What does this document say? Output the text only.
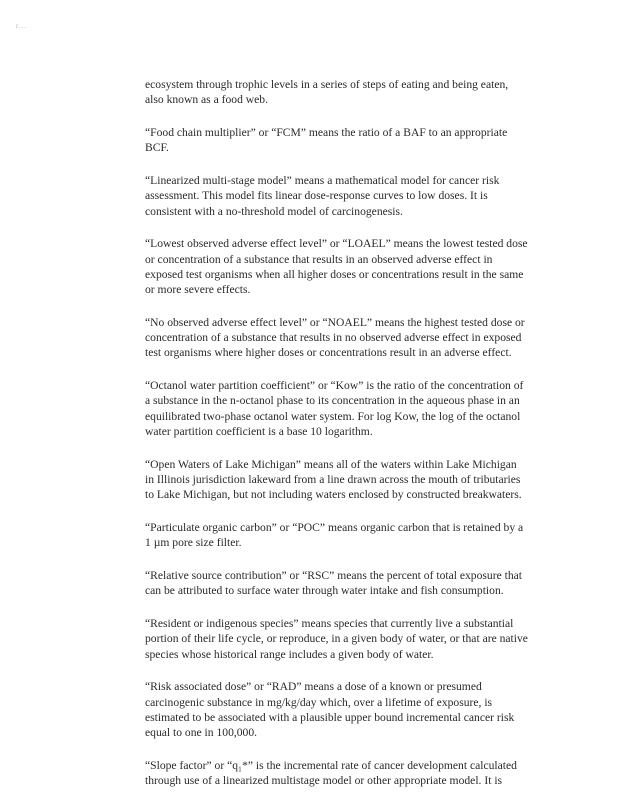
r...

ecosystem through trophic levels in a series of steps of eating and being eaten,
also known as a food web.

“Food chain multiplier” or “FCM” means the ratio of a BAF to an appropriate
BCF.

“Linearized multi-stage model” means a mathematical model for cancer risk
assessment. This model fits linear dose-response curves to low doses. It is
consistent with a no-threshold model of carcinogenesis.

“Lowest observed adverse effect level” or “LOAEL” means the lowest tested dose
or concentration of a substance that results in an observed adverse effect in
exposed test organisms when all higher doses or concentrations result in the same
or more severe effects.

“No observed adverse effect level” or “NOAEL” means the highest tested dose or
concentration of a substance that results in no observed adverse effect in exposed
test organisms where higher doses or concentrations result in an adverse effect.

“Octanol water partition coefficient” or “Kow” is the ratio of the concentration of
a substance in the n-octanol phase to its concentration in the aqueous phase in an
equilibrated two-phase octanol water system. For log Kow, the log of the octanol
water partition coefficient is a base 10 logarithm.

“Open Waters of Lake Michigan” means all of the waters within Lake Michigan
in Illinois jurisdiction lakeward from a line drawn across the mouth of tributaries
to Lake Michigan, but not including waters enclosed by constructed breakwaters.

“Particulate organic carbon” or “POC” means organic carbon that is retained by a
1 µm pore size filter.

“Relative source contribution” or “RSC” means the percent of total exposure that
can be attributed to surface water through water intake and fish consumption.

“Resident or indigenous species” means species that currently live a substantial
portion of their life cycle, or reproduce, in a given body of water, or that are native
species whose historical range includes a given body of water.

“Risk associated dose” or “RAD” means a dose of a known or presumed
carcinogenic substance in mg/kg/day which, over a lifetime of exposure, is
estimated to be associated with a plausible upper bound incremental cancer risk
equal to one in 100,000.

“Slope factor” or “q₁*” is the incremental rate of cancer development calculated
through use of a linearized multistage model or other appropriate model. It is
